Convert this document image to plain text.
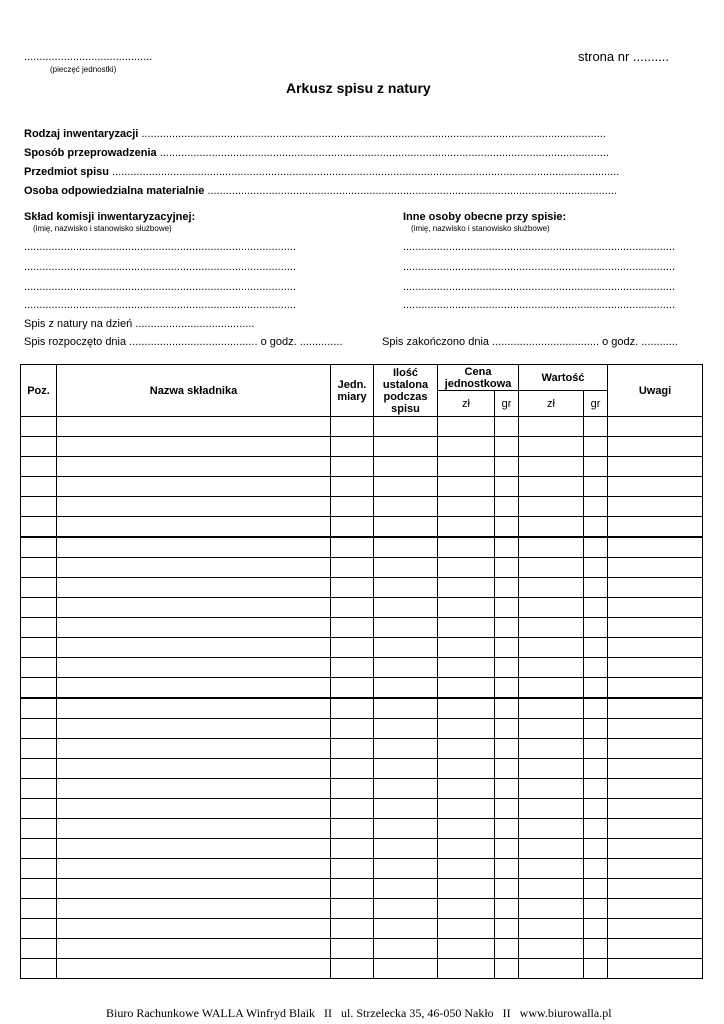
..........................................
(pieczęć jednostki)
strona nr ..........
Arkusz spisu z natury
Rodzaj inwentaryzacji ........................................................................................................................................................
Sposób przeprowadzenia ...................................................................................................................................................
Przedmiot spisu ......................................................................................................................................................................
Osoba odpowiedzialna materialnie ......................................................................................................................................
Skład komisji inwentaryzacyjnej:
(imię, nazwisko i stanowisko służbowe)
Inne osoby obecne przy spisie:
(imię, nazwisko i stanowisko służbowe)
.........................................................................................
.........................................................................................
.........................................................................................
.........................................................................................
.........................................................................................
.........................................................................................
.........................................................................................
.........................................................................................
Spis z natury na dzień .......................................
Spis rozpoczęto dnia .......................................... o godz. ..............	Spis zakończono dnia ................................... o godz. ............
Poz.	Nazwa składnika	Jedn. miary	Ilość ustalona podczas spisu	Cena jednostkowa		Wartość		Uwagi
				zł	gr	zł	gr	

Biuro Rachunkowe WALLA Winfryd Blaik II ul. Strzelecka 35, 46-050 Nakło II www.biurowalla.pl
